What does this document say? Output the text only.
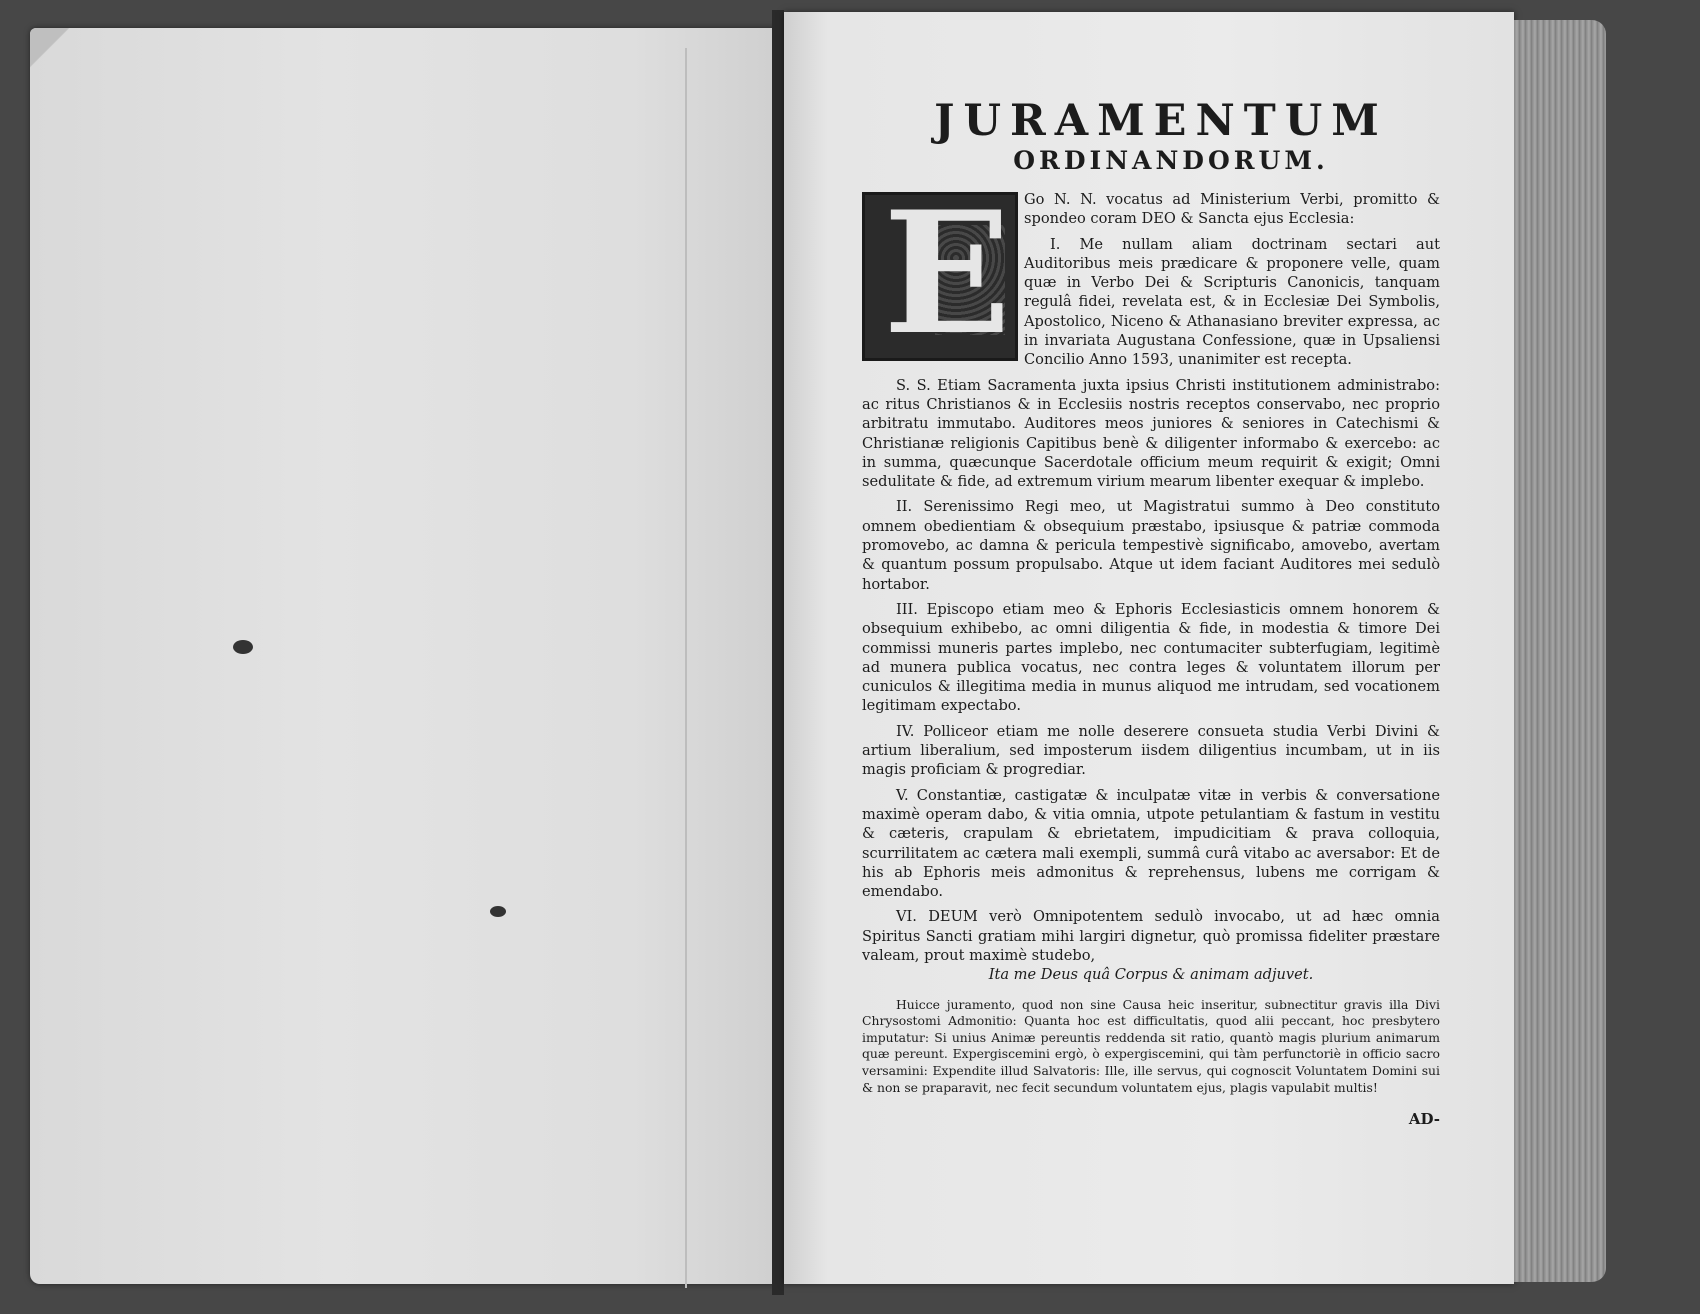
JURAMENTUM
ORDINANDORUM.
E Go N. N. vocatus ad Ministerium Verbi, promitto & spondeo coram DEO & Sancta ejus Ecclesia:

I. Me nullam aliam doctrinam sectari aut Auditoribus meis prædicare & proponere velle, quam quæ in Verbo Dei & Scripturis Canonicis, tanquam regulâ fidei, revelata est, & in Ecclesiæ Dei Symbolis, Apostolico, Niceno & Athanasiano breviter expressa, ac in invariata Augustana Confessione, quæ in Upsaliensi Concilio Anno 1593, unanimiter est recepta.

S. S. Etiam Sacramenta juxta ipsius Christi institutionem administrabo: ac ritus Christianos & in Ecclesiis nostris receptos conservabo, nec proprio arbitratu immutabo. Auditores meos juniores & seniores in Catechismi & Christianæ religionis Capitibus benè & diligenter informabo & exercebo: ac in summa, quæcunque Sacerdotale officium meum requirit & exigit; Omni sedulitate & fide, ad extremum virium mearum libenter exequar & implebo.

II. Serenissimo Regi meo, ut Magistratui summo à Deo constituto omnem obedientiam & obsequium præstabo, ipsiusque & patriæ commoda promovebo, ac damna & pericula tempestivè significabo, amovebo, avertam & quantum possum propulsabo. Atque ut idem faciant Auditores mei sedulò hortabor.

III. Episcopo etiam meo & Ephoris Ecclesiasticis omnem honorem & obsequium exhibebo, ac omni diligentia & fide, in modestia & timore Dei commissi muneris partes implebo, nec contumaciter subterfugiam, legitimè ad munera publica vocatus, nec contra leges & voluntatem illorum per cuniculos & illegitima media in munus aliquod me intrudam, sed vocationem legitimam expectabo.

IV. Polliceor etiam me nolle deserere consueta studia Verbi Divini & artium liberalium, sed imposterum iisdem diligentius incumbam, ut in iis magis proficiam & progrediar.

V. Constantiæ, castigatæ & inculpatæ vitæ in verbis & conversatione maximè operam dabo, & vitia omnia, utpote petulantiam & fastum in vestitu & cæteris, crapulam & ebrietatem, impudicitiam & prava colloquia, scurrilitatem ac cætera mali exempli, summâ curâ vitabo ac aversabor: Et de his ab Ephoris meis admonitus & reprehensus, lubens me corrigam & emendabo.

VI. DEUM verò Omnipotentem sedulò invocabo, ut ad hæc omnia Spiritus Sancti gratiam mihi largiri dignetur, quò promissa fideliter præstare valeam, prout maximè studebo,

Ita me Deus quâ Corpus & animam adjuvet.

Huicce juramento, quod non sine Causa heic inseritur, subnectitur gravis illa Divi Chrysostomi Admonitio: Quanta hoc est difficultatis, quod alii peccant, hoc presbytero imputatur: Si unius Animæ pereuntis reddenda sit ratio, quantò magis plurium animarum quæ pereunt. Expergiscemini ergò, ò expergiscemini, qui tàm perfunctoriè in officio sacro versamini: Expendite illud Salvatoris: Ille, ille servus, qui cognoscit Voluntatem Domini sui & non se praparavit, nec fecit secundum voluntatem ejus, plagis vapulabit multis!

AD-
